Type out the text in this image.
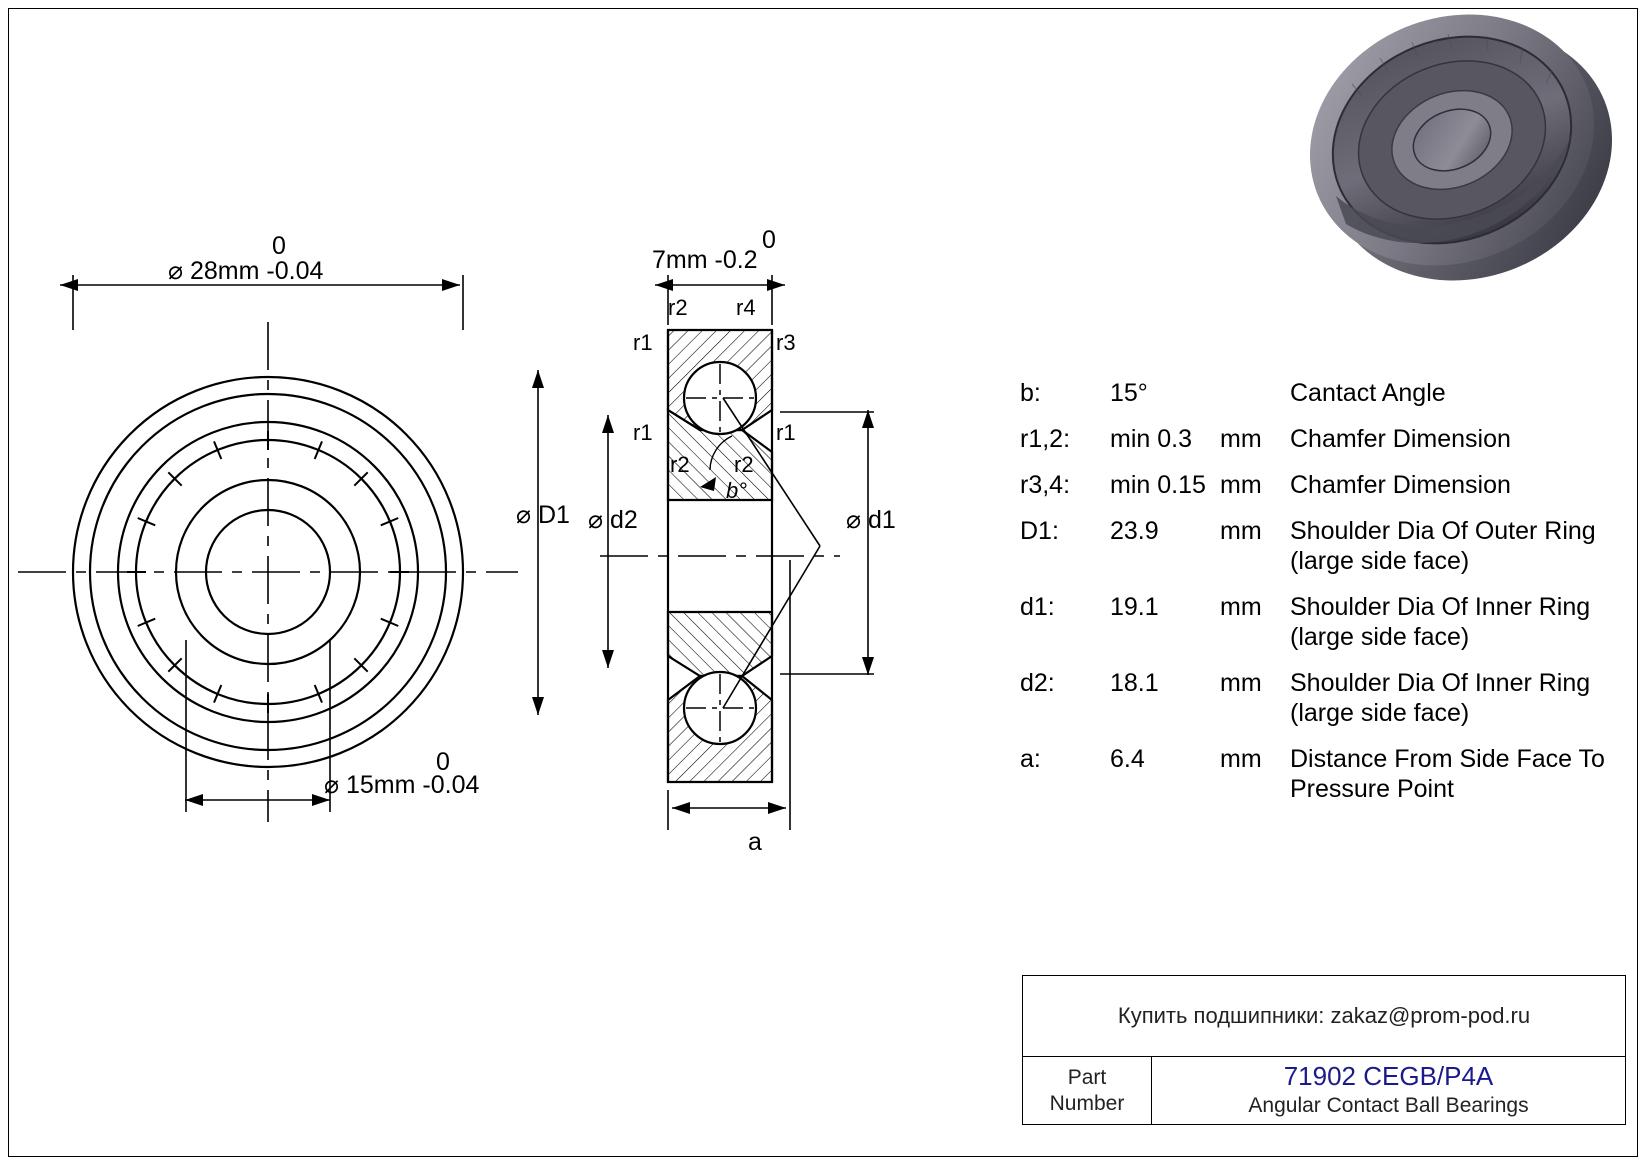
0
⌀ 28mm -0.04
0
⌀ 15mm -0.04
0
7mm -0.2
r2 r4
r1	r3
r1	r1
r2 r2
b°
⌀ D1 ⌀ d2	⌀ d1
a
b:	15°	Cantact Angle
r1,2:	min 0.3	mm	Chamfer Dimension
r3,4:	min 0.15 mm	Chamfer Dimension
D1:	23.9	mm	Shoulder Dia Of Outer Ring
(large side face)
d1:	19.1	mm	Shoulder Dia Of Inner Ring
(large side face)
d2:	18.1	mm	Shoulder Dia Of Inner Ring
(large side face)
a:	6.4	mm	Distance From Side Face To
Pressure Point
Купить подшипники: zakaz@prom-pod.ru
Part
Number
71902 CEGB/P4A
Angular Contact Ball Bearings
